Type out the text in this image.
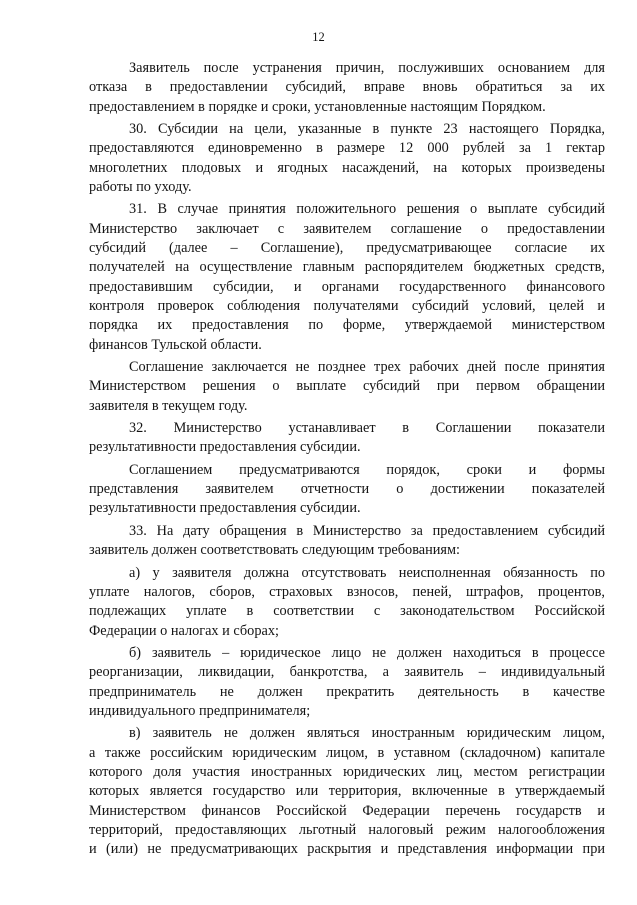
12
Заявитель после устранения причин, послуживших основанием для
отказа в предоставлении субсидий, вправе вновь обратиться за их
предоставлением в порядке и сроки, установленные настоящим Порядком.
30. Субсидии на цели, указанные в пункте 23 настоящего Порядка,
предоставляются единовременно в размере 12 000 рублей за 1 гектар
многолетних плодовых и ягодных насаждений, на которых произведены
работы по уходу.
31. В случае принятия положительного решения о выплате субсидий
Министерство заключает с заявителем соглашение о предоставлении
субсидий (далее – Соглашение), предусматривающее согласие их
получателей на осуществление главным распорядителем бюджетных средств,
предоставившим субсидии, и органами государственного финансового
контроля проверок соблюдения получателями субсидий условий, целей и
порядка их предоставления по форме, утверждаемой министерством
финансов Тульской области.
Соглашение заключается не позднее трех рабочих дней после принятия
Министерством решения о выплате субсидий при первом обращении
заявителя в текущем году.
32. Министерство устанавливает в Соглашении показатели
результативности предоставления субсидии.
Соглашением предусматриваются порядок, сроки и формы
представления заявителем отчетности о достижении показателей
результативности предоставления субсидии.
33. На дату обращения в Министерство за предоставлением субсидий
заявитель должен соответствовать следующим требованиям:
а) у заявителя должна отсутствовать неисполненная обязанность по
уплате налогов, сборов, страховых взносов, пеней, штрафов, процентов,
подлежащих уплате в соответствии с законодательством Российской
Федерации о налогах и сборах;
б) заявитель – юридическое лицо не должен находиться в процессе
реорганизации, ликвидации, банкротства, а заявитель – индивидуальный
предприниматель не должен прекратить деятельность в качестве
индивидуального предпринимателя;
в) заявитель не должен являться иностранным юридическим лицом,
а также российским юридическим лицом, в уставном (складочном) капитале
которого доля участия иностранных юридических лиц, местом регистрации
которых является государство или территория, включенные в утверждаемый
Министерством финансов Российской Федерации перечень государств и
территорий, предоставляющих льготный налоговый режим налогообложения
и (или) не предусматривающих раскрытия и представления информации при
